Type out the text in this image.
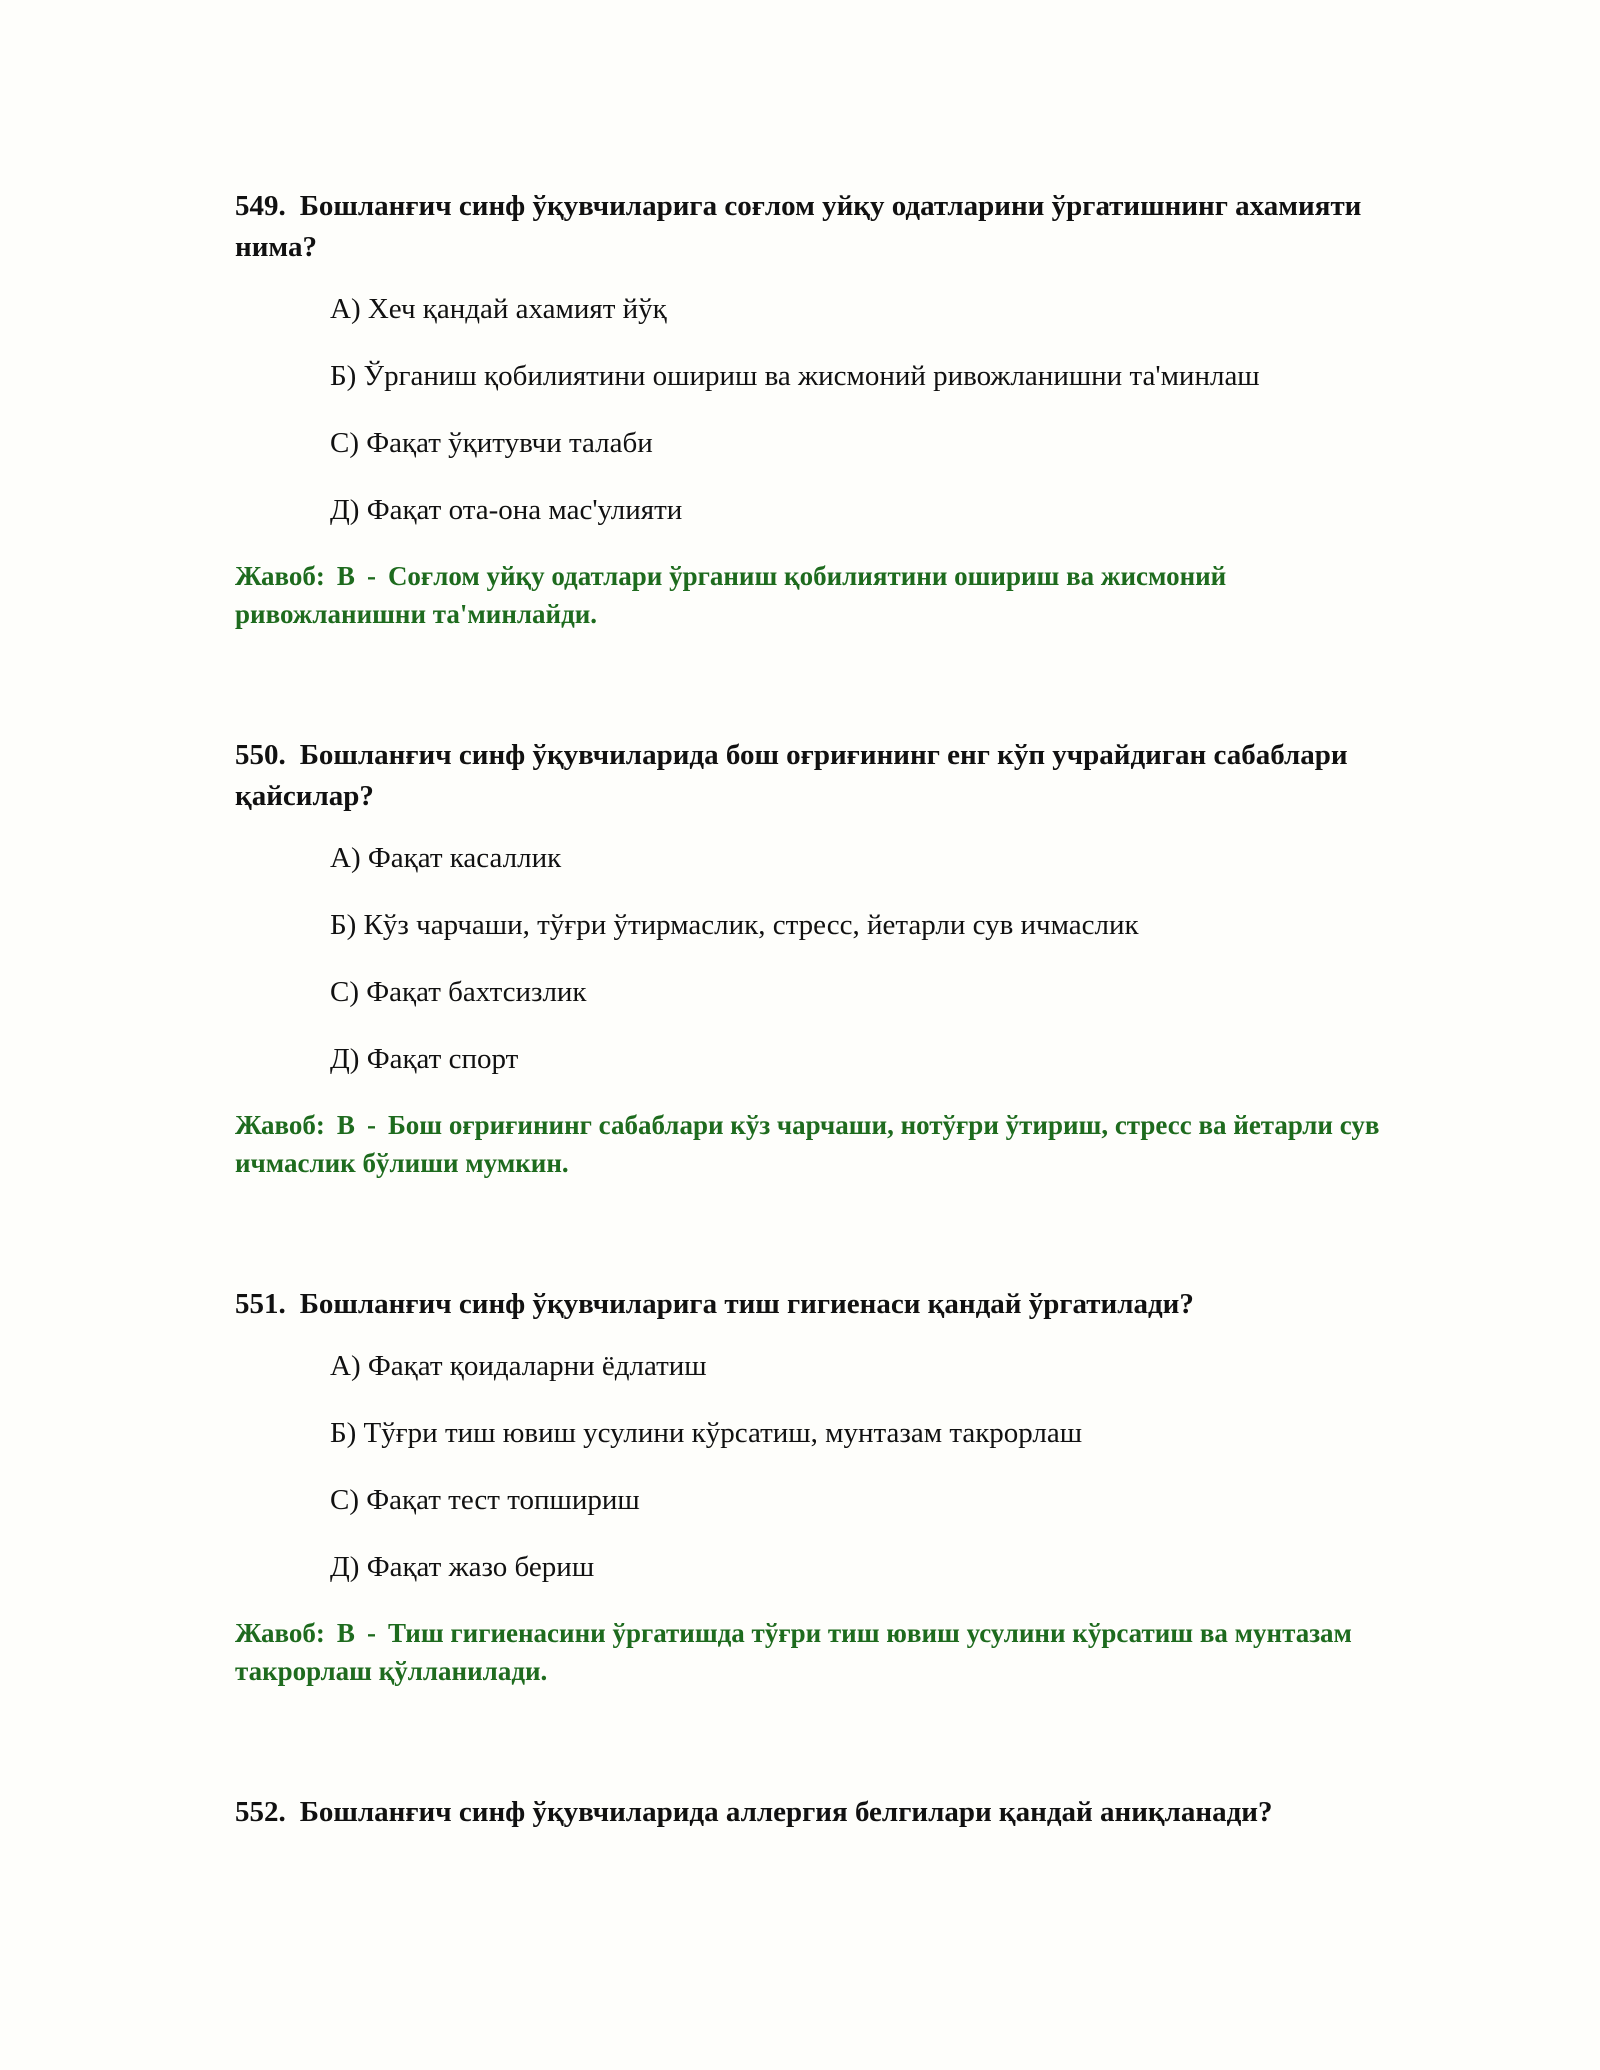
549. Бошланғич синф ўқувчиларига соғлом уйқу одатларини ўргатишнинг ахамияти нима?

А) Хеч қандай ахамият йўқ
Б) Ўрганиш қобилиятини ошириш ва жисмоний ривожланишни та'минлаш
С) Фақат ўқитувчи талаби
Д) Фақат ота-она мас'улияти
Жавоб: B - Соғлом уйқу одатлари ўрганиш қобилиятини ошириш ва жисмоний ривожланишни та'минлайди.

550. Бошланғич синф ўқувчиларида бош оғриғининг енг кўп учрайдиган сабаблари қайсилар?

А) Фақат касаллик
Б) Кўз чарчаши, тўғри ўтирмаслик, стресс, йетарли сув ичмаслик
С) Фақат бахтсизлик
Д) Фақат спорт
Жавоб: B - Бош оғриғининг сабаблари кўз чарчаши, нотўғри ўтириш, стресс ва йетарли сув ичмаслик бўлиши мумкин.

551. Бошланғич синф ўқувчиларига тиш гигиенаси қандай ўргатилади?

А) Фақат қоидаларни ёдлатиш
Б) Тўғри тиш ювиш усулини кўрсатиш, мунтазам такрорлаш
С) Фақат тест топшириш
Д) Фақат жазо бериш
Жавоб: B - Тиш гигиенасини ўргатишда тўғри тиш ювиш усулини кўрсатиш ва мунтазам такрорлаш қўлланилади.

552. Бошланғич синф ўқувчиларида аллергия белгилари қандай аниқланади?
